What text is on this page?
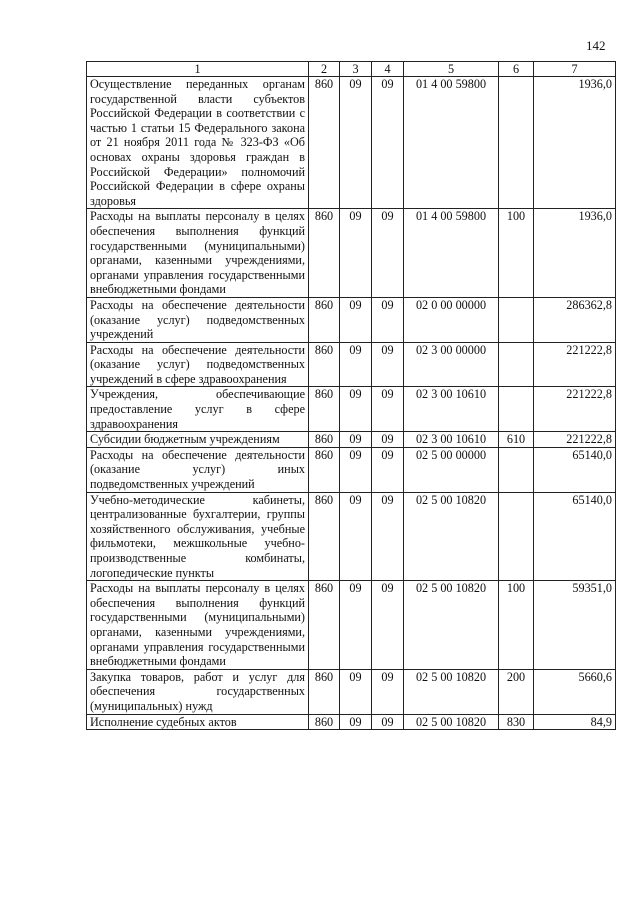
142
1	2	3	4	5	6	7
Осуществление переданных органам государственной власти субъектов Российской Федерации в соответствии с частью 1 статьи 15 Федерального закона от 21 ноября 2011 года № 323-ФЗ «Об основах охраны здоровья граждан в Российской Федерации» полномочий Российской Федерации в сфере охраны здоровья	860	09	09	01 4 00 59800		1936,0
Расходы на выплаты персоналу в целях обеспечения выполнения функций государственными (муниципальными) органами, казенными учреждениями, органами управления государственными внебюджетными фондами	860	09	09	01 4 00 59800	100	1936,0
Расходы на обеспечение деятельности (оказание услуг) подведомственных учреждений	860	09	09	02 0 00 00000		286362,8
Расходы на обеспечение деятельности (оказание услуг) подведомственных учреждений в сфере здравоохранения	860	09	09	02 3 00 00000		221222,8
Учреждения, обеспечивающие предоставление услуг в сфере здравоохранения	860	09	09	02 3 00 10610		221222,8
Субсидии бюджетным учреждениям	860	09	09	02 3 00 10610	610	221222,8
Расходы на обеспечение деятельности (оказание услуг) иных подведомственных учреждений	860	09	09	02 5 00 00000		65140,0
Учебно-методические кабинеты, централизованные бухгалтерии, группы хозяйственного обслуживания, учебные фильмотеки, межшкольные учебно-производственные комбинаты, логопедические пункты	860	09	09	02 5 00 10820		65140,0
Расходы на выплаты персоналу в целях обеспечения выполнения функций государственными (муниципальными) органами, казенными учреждениями, органами управления государственными внебюджетными фондами	860	09	09	02 5 00 10820	100	59351,0
Закупка товаров, работ и услуг для обеспечения государственных (муниципальных) нужд	860	09	09	02 5 00 10820	200	5660,6
Исполнение судебных актов	860	09	09	02 5 00 10820	830	84,9
